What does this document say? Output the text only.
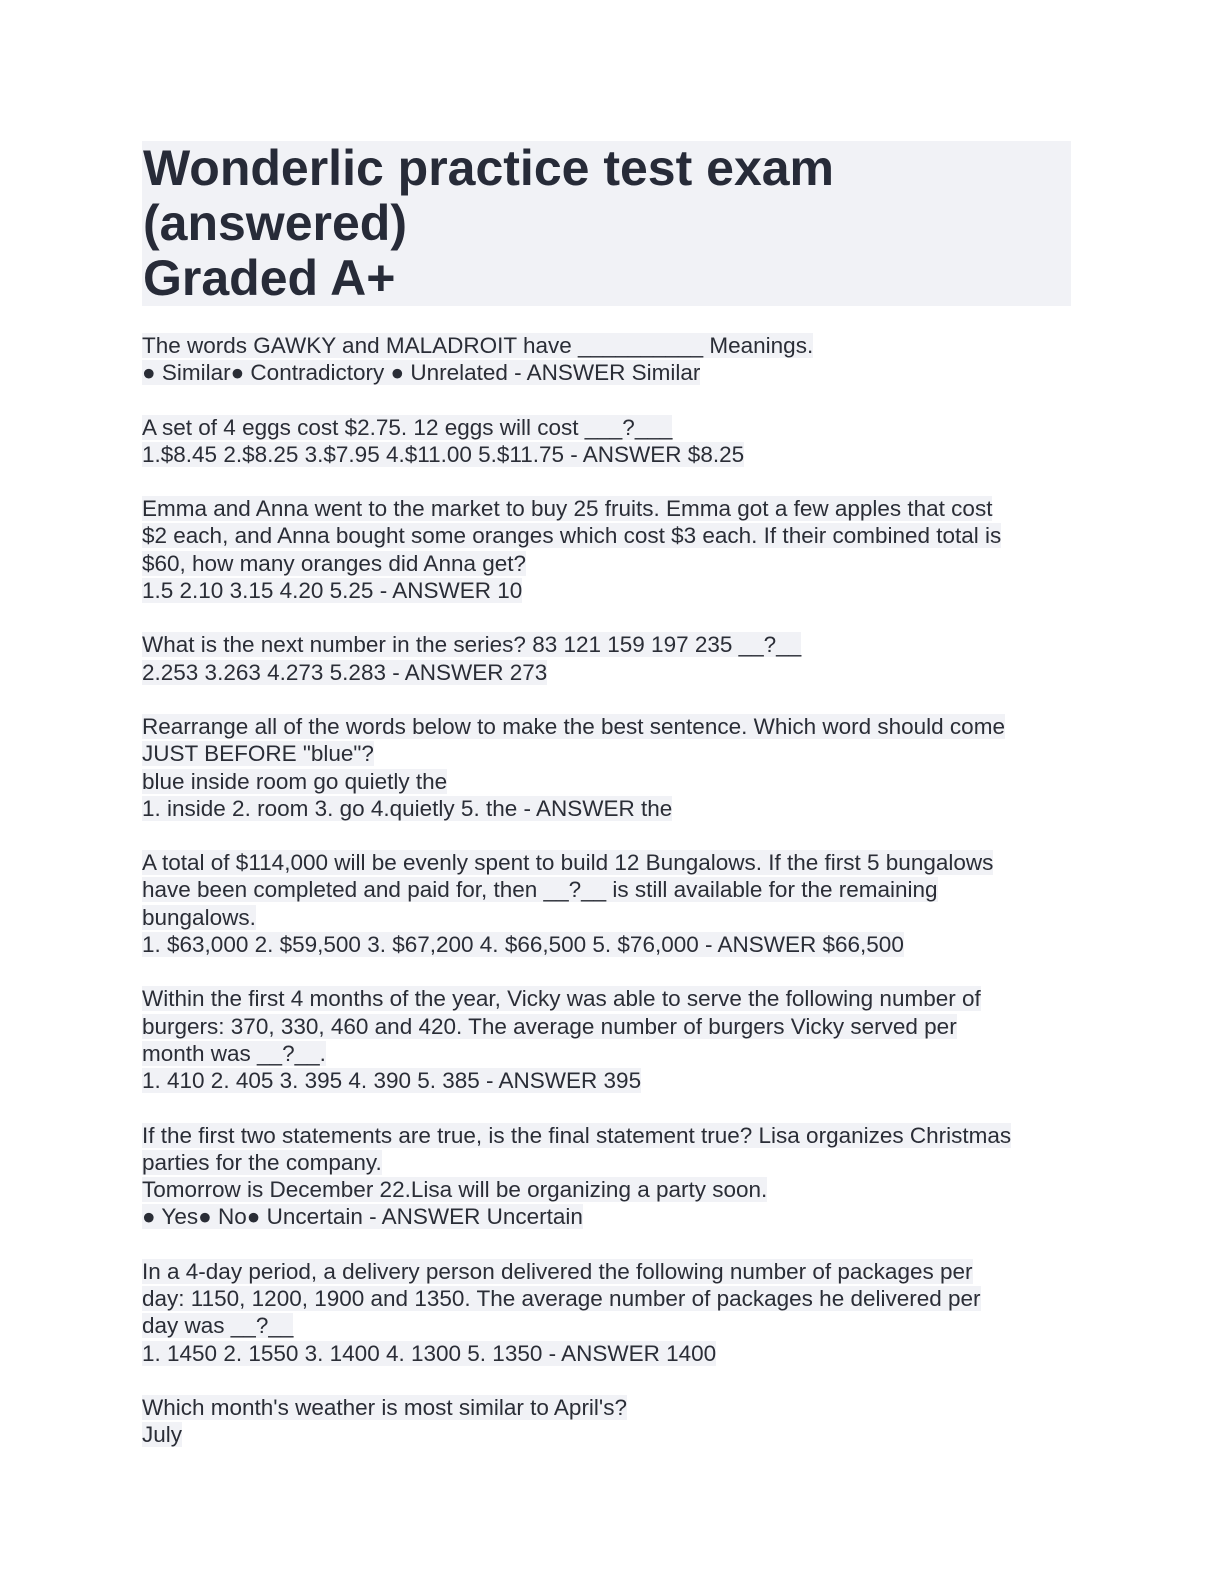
Wonderlic practice test exam (answered)
Graded A+
The words GAWKY and MALADROIT have __________ Meanings.
● Similar● Contradictory ● Unrelated - ANSWER Similar
A set of 4 eggs cost $2.75. 12 eggs will cost ___?___
1.$8.45 2.$8.25 3.$7.95 4.$11.00 5.$11.75 - ANSWER $8.25
Emma and Anna went to the market to buy 25 fruits. Emma got a few apples that cost
$2 each, and Anna bought some oranges which cost $3 each. If their combined total is
$60, how many oranges did Anna get?
1.5 2.10 3.15 4.20 5.25 - ANSWER 10
What is the next number in the series? 83 121 159 197 235 __?__
2.253 3.263 4.273 5.283 - ANSWER 273
Rearrange all of the words below to make the best sentence. Which word should come
JUST BEFORE "blue"?
blue inside room go quietly the
1. inside 2. room 3. go 4.quietly 5. the - ANSWER the
A total of $114,000 will be evenly spent to build 12 Bungalows. If the first 5 bungalows
have been completed and paid for, then __?__ is still available for the remaining
bungalows.
1. $63,000 2. $59,500 3. $67,200 4. $66,500 5. $76,000 - ANSWER $66,500
Within the first 4 months of the year, Vicky was able to serve the following number of
burgers: 370, 330, 460 and 420. The average number of burgers Vicky served per
month was __?__.
1. 410 2. 405 3. 395 4. 390 5. 385 - ANSWER 395
If the first two statements are true, is the final statement true? Lisa organizes Christmas
parties for the company.
Tomorrow is December 22.Lisa will be organizing a party soon.
● Yes● No● Uncertain - ANSWER Uncertain
In a 4-day period, a delivery person delivered the following number of packages per
day: 1150, 1200, 1900 and 1350. The average number of packages he delivered per
day was __?__
1. 1450 2. 1550 3. 1400 4. 1300 5. 1350 - ANSWER 1400
Which month's weather is most similar to April's?
July
